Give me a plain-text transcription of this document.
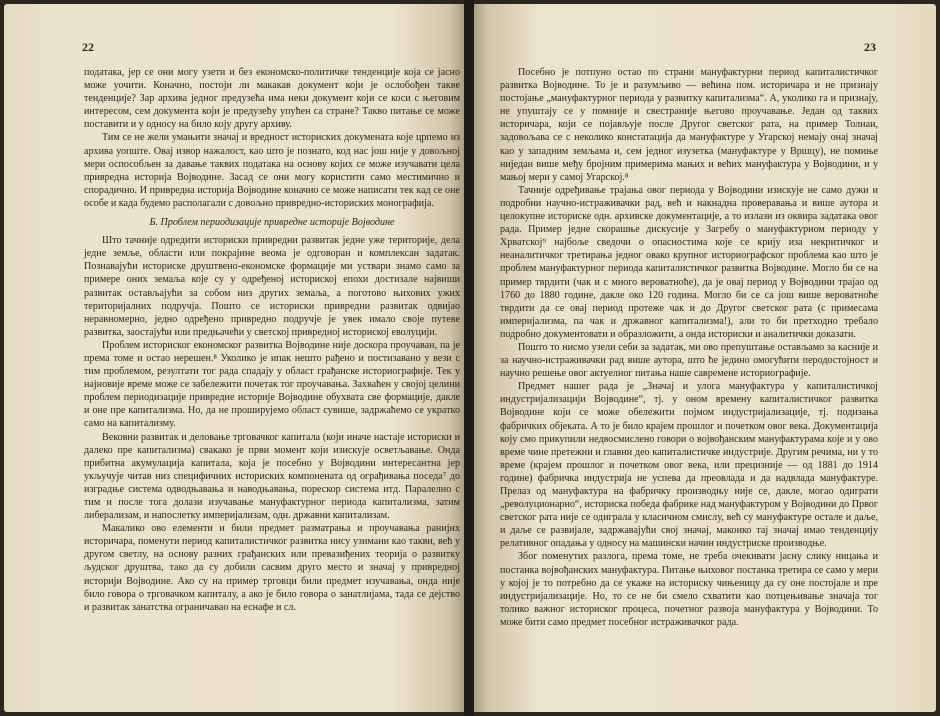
22

података, јер се они могу узети и без економско-политичке тенденције која се јасно може уочити. Коначно, постоји ли макакав документ који је ослобођен такве тенденције? Зар архива једног предузећа има неки документ који се коси с његовим интересом, сем документа који је предузећу упућен са стране? Такво питање се може поставити и у односу на било коју другу архиву.

Тим се не жели умањити значај и вредност историских докумената које црпемо из архива уопште. Овај извор нажалост, као што је познато, код нас још није у довољној мери оспособљен за давање таквих података на основу којих се може изучавати цела привредна историја Војводине. Засад се они могу користити само местимично и спорадично. И привредна историја Војводине коначно се може написати тек кад се оне особе и када будемо располагали с довољно привредно-историских монографија.

Б. Проблем периодизације привредне историје Војводине

Што тачније одредити историски привредни развитак једне уже територије, дела једне земље, области или покрајине веома је одговоран и комплексан задатак. Познавајући историске друштвено-економске формације ми уствари знамо само за примере оних земаља које су у одређеној историској епохи достизале највиши развитак остављајући за собом низ других земаља, а поготово њихових ужих територијалних подручја. Пошто се историски привредни развитак одвијао неравномерно, једно одређено привредно подручје је увек имало своје путеве развитка, заостајући или предњачећи у светској привредној историској еволуцији.

Проблем историског економског развитка Војводине није доскора проучаван, па је према томе и остао нерешен.⁸ Уколико је ипак нешто рађено и постизавано у вези с тим проблемом, резултати тог рада спадају у област грађанске историографије. Тек у најновије време може се забележити почетак тог проучавања. Захваћен у својој целини проблем периодизације привредне историје Војводине обухвата све формације, дакле и оне пре капитализма. Но, да не проширујемо област сувише, задржаћемо се укратко само на капитализму.

Вековни развитак и деловање трговачког капитала (који иначе настаје историски и далеко пре капитализма) свакако је први момент који изискује осветљавање. Онда прибитна акумулација капитала, која је посебно у Војводини интересантна јер укључује читав низ специфичних историских компонената од ограђивања поседа⁷ до изградње система одводњавања и наводњавања, порескор система итд. Паралелно с тим и после тога долази изучавање мануфактурног периода капитализма, затим либерализам, и напослетку империјализам, одн. државни капитализам.

Макалико ово елементи и били предмет разматрања и проучавања ранијих историчара, поменути период капиталистичког развитка нису узимани као такви, већ у другом светлу, на основу разних грађанских или превазиђених теорија о развитку људског друштва, тако да су добили сасвим друго место и значај у привредној историји Војводине. Ако су на пример трговци били предмет изучавања, онда није било говора о трговачком капиталу, а ако је било говора о занатлијама, тада се дејство и развитак занатства ограничавао на еснафе и сл.

23

Посебно је потпуно остао по страни мануфактурни период капиталистичког развитка Војводине. То је и разумљиво — већина пом. историчара и не признају постојање „мануфактурног периода у развитку капитализма“. А, уколико га и признају, не упуштају се у помније и свестраније његово проучавање. Један од таквих историчара, који се појављује после Другог светског рата, на пример Толнаи, задовољава се с неколико констатација да мануфактуре у Угарској немају онај значај као у западним земљама и, сем једног изузетка (мануфактуре у Вршцу), не помиње ниједан више међу бројним примерима мањих и већих мануфактура у Војводини, и у мањој мери у самој Угарској.⁸

Тачније одређивање трајања овог периода у Војводини изискује не само дужи и подробни научно-истраживачки рад, већ и накнадна проверавања и више аутора и целокупне историске одн. архивске документације, а то излази из оквира задатака овог рада. Пример једне скорашње дискусије у Загребу о мануфактурном периоду у Хрватској⁹ најбоље сведочи о опасностима које се крију иза некритичког и неаналитичког третирања једног овако крупног историографског проблема као што је проблем мануфактурног периода капиталистичког развитка Војводине. Могло би се на пример тврдити (чак и с много вероватноће), да је овај период у Војводини трајао од 1760 до 1880 године, дакле око 120 година. Могло би се са још више вероватноће тврдити да се овај период протеже чак и до Другог светског рата (с примесама империјализма, па чак и државног капитализма!), али то би претходно требало подробно документовати и образложити, а онда историски и аналитички доказати.

Пошто то нисмо узели себи за задатак, ми ово препуштање остављамо за касније и за научно-истраживачки рад више аутора, што ће једино омогућити перодостојност и научно решење овог актуелног питања наше савремене историографије.

Предмет нашег рада је „Значај и улога мануфактура у капиталистичкој индустријализацији Војводине“, тј. у оном времену капиталистичког развитка Војводине који се може обележити појмом индустријализације, тј. подизања фабричких објеката. А то је било крајем прошлог и почетком овог века. Документација коју смо прикупили недвосмислено говори о војвођанским мануфактурама које и у ово време чине претежни и главни део капиталистичке индустрије. Другим речима, ни у то време (крајем прошлог и почетком овог века, или прецизније — од 1881 до 1914 године) фабричка индустрија не успева да преовлада и да надвлада мануфактуре. Прелаз од мануфактура на фабричку производњу није се, дакле, могао одиграти „револуционарно“, историска победа фабрике над мануфактуром у Војводини до Првог светског рата није се одиграла у класичном смислу, већ су мануфактуре остале и даље, и даље се развијале, задржавајући свој значај, макоико тај значај имао тенденцију релативног опадања у односу на машински начин индустриске производње.

Због поменутих разлога, према томе, не треба очекивати јасну слику ницања и постанка војвођанских мануфактура. Питање њиховог постанка третира се само у мери у којој је то потребно да се укаже на историску чињеницу да су оне постојале и пре индустријализације. Но, то се не би смело схватити као потцењивање значаја тог толико важног историског процеса, почетног развоја мануфактура у Војводини. То може бити само предмет посебног истраживачког рада.
